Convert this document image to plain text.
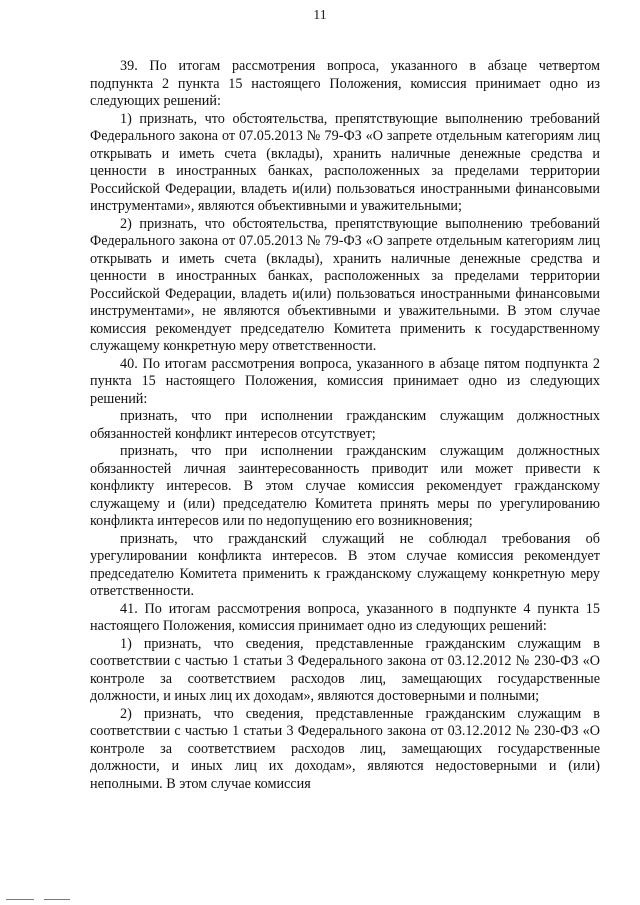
11

39. По итогам рассмотрения вопроса, указанного в абзаце четвертом подпункта 2 пункта 15 настоящего Положения, комиссия принимает одно из следующих решений:

1) признать, что обстоятельства, препятствующие выполнению требований Федерального закона от 07.05.2013 № 79-ФЗ «О запрете отдельным категориям лиц открывать и иметь счета (вклады), хранить наличные денежные средства и ценности в иностранных банках, расположенных за пределами территории Российской Федерации, владеть и(или) пользоваться иностранными финансовыми инструментами», являются объективными и уважительными;

2) признать, что обстоятельства, препятствующие выполнению требований Федерального закона от 07.05.2013 № 79-ФЗ «О запрете отдельным категориям лиц открывать и иметь счета (вклады), хранить наличные денежные средства и ценности в иностранных банках, расположенных за пределами территории Российской Федерации, владеть и(или) пользоваться иностранными финансовыми инструментами», не являются объективными и уважительными. В этом случае комиссия рекомендует председателю Комитета применить к государственному служащему конкретную меру ответственности.

40. По итогам рассмотрения вопроса, указанного в абзаце пятом подпункта 2 пункта 15 настоящего Положения, комиссия принимает одно из следующих решений:

признать, что при исполнении гражданским служащим должностных обязанностей конфликт интересов отсутствует;

признать, что при исполнении гражданским служащим должностных обязанностей личная заинтересованность приводит или может привести к конфликту интересов. В этом случае комиссия рекомендует гражданскому служащему и (или) председателю Комитета принять меры по урегулированию конфликта интересов или по недопущению его возникновения;

признать, что гражданский служащий не соблюдал требования об урегулировании конфликта интересов. В этом случае комиссия рекомендует председателю Комитета применить к гражданскому служащему конкретную меру ответственности.

41. По итогам рассмотрения вопроса, указанного в подпункте 4 пункта 15 настоящего Положения, комиссия принимает одно из следующих решений:

1) признать, что сведения, представленные гражданским служащим в соответствии с частью 1 статьи 3 Федерального закона от 03.12.2012 № 230-ФЗ «О контроле за соответствием расходов лиц, замещающих государственные должности, и иных лиц их доходам», являются достоверными и полными;

2) признать, что сведения, представленные гражданским служащим в соответствии с частью 1 статьи 3 Федерального закона от 03.12.2012 № 230-ФЗ «О контроле за соответствием расходов лиц, замещающих государственные должности, и иных лиц их доходам», являются недостоверными и (или) неполными. В этом случае комиссия
